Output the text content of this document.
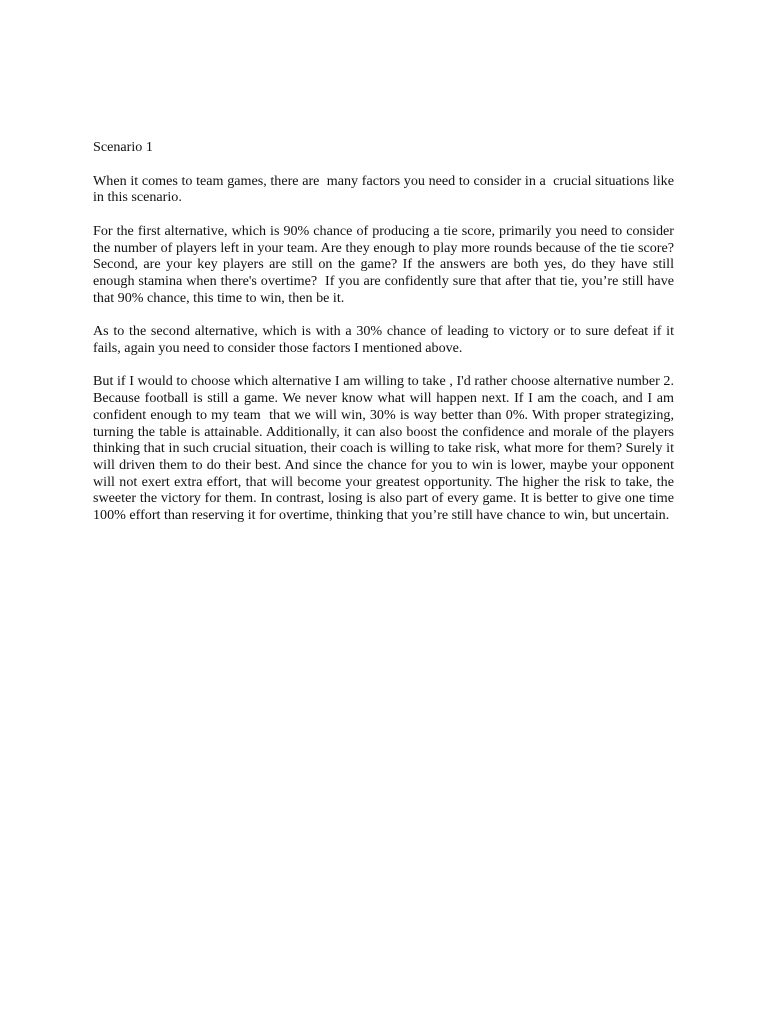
Scenario 1

When it comes to team games, there are  many factors you need to consider in a  crucial situations like in this scenario.

For the first alternative, which is 90% chance of producing a tie score, primarily you need to consider the number of players left in your team. Are they enough to play more rounds because of the tie score? Second, are your key players are still on the game? If the answers are both yes, do they have still enough stamina when there's overtime?  If you are confidently sure that after that tie, you’re still have that 90% chance, this time to win, then be it.

As to the second alternative, which is with a 30% chance of leading to victory or to sure defeat if it fails, again you need to consider those factors I mentioned above.

But if I would to choose which alternative I am willing to take , I'd rather choose alternative number 2. Because football is still a game. We never know what will happen next. If I am the coach, and I am confident enough to my team  that we will win, 30% is way better than 0%. With proper strategizing, turning the table is attainable. Additionally, it can also boost the confidence and morale of the players thinking that in such crucial situation, their coach is willing to take risk, what more for them? Surely it will driven them to do their best. And since the chance for you to win is lower, maybe your opponent will not exert extra effort, that will become your greatest opportunity. The higher the risk to take, the sweeter the victory for them. In contrast, losing is also part of every game. It is better to give one time 100% effort than reserving it for overtime, thinking that you’re still have chance to win, but uncertain.
